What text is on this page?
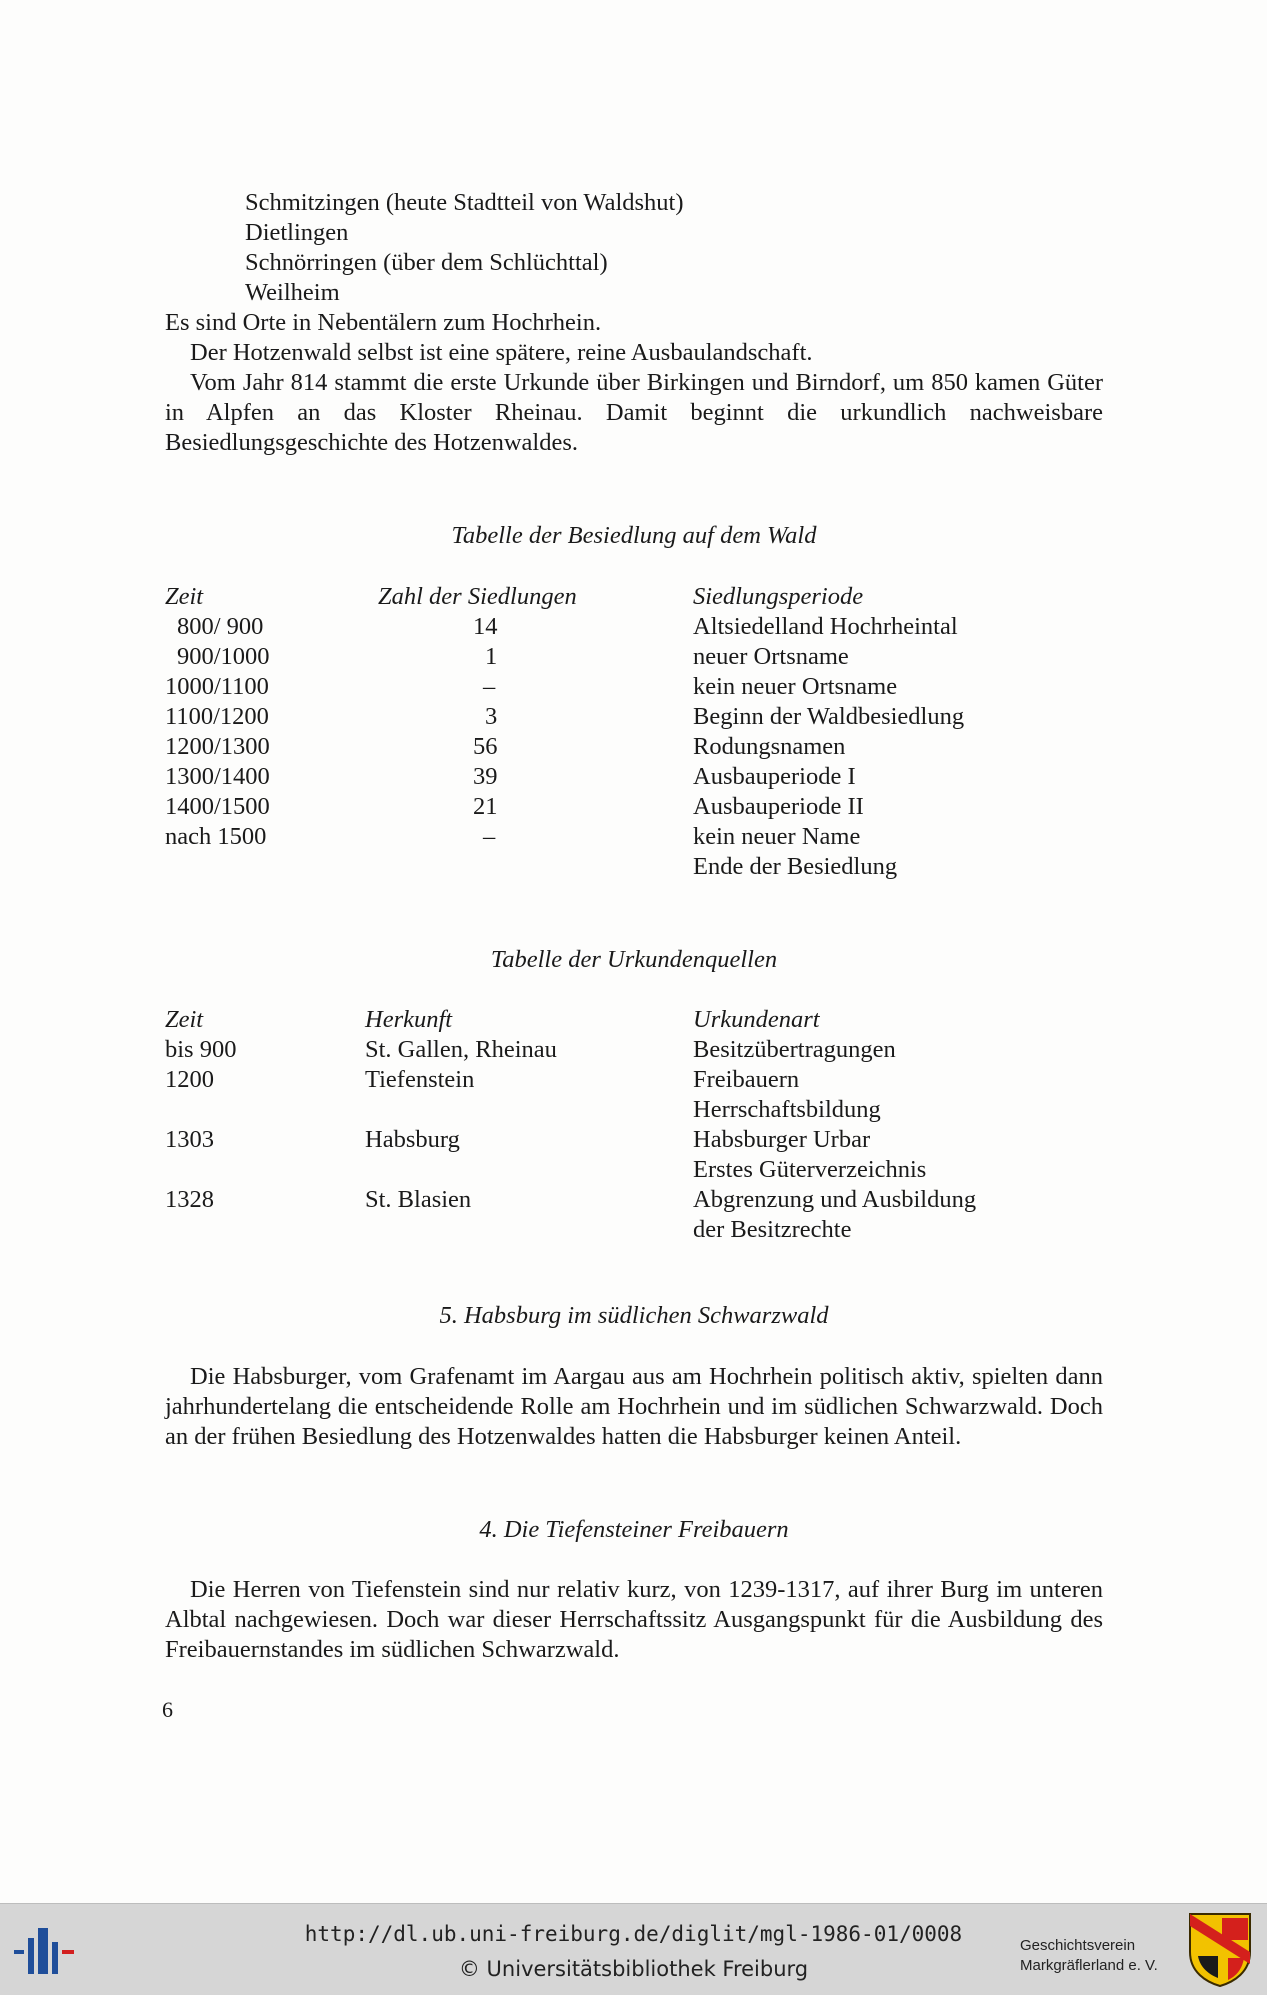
Schmitzingen (heute Stadtteil von Waldshut)
Dietlingen
Schnörringen (über dem Schlüchttal)
Weilheim

Es sind Orte in Nebentälern zum Hochrhein.

Der Hotzenwald selbst ist eine spätere, reine Ausbaulandschaft.

Vom Jahr 814 stammt die erste Urkunde über Birkingen und Birndorf, um 850 kamen Güter in Alpfen an das Kloster Rheinau. Damit beginnt die urkundlich nachweisbare Besiedlungsgeschichte des Hotzenwaldes.

Tabelle der Besiedlung auf dem Wald
Zeit	Zahl der Siedlungen	Siedlungsperiode
800/ 900	14	Altsiedelland Hochrheintal
900/1000	1	neuer Ortsname
1000/1100	–	kein neuer Ortsname
1100/1200	3	Beginn der Waldbesiedlung
1200/1300	56	Rodungsnamen
1300/1400	39	Ausbauperiode I
1400/1500	21	Ausbauperiode II
nach 1500	–	kein neuer Name
Ende der Besiedlung
Tabelle der Urkundenquellen
Zeit	Herkunft	Urkundenart
bis 900	St. Gallen, Rheinau	Besitzübertragungen
1200	Tiefenstein	Freibauern
Herrschaftsbildung
1303	Habsburg	Habsburger Urbar
Erstes Güterverzeichnis
1328	St. Blasien	Abgrenzung und Ausbildung
der Besitzrechte
5. Habsburg im südlichen Schwarzwald

Die Habsburger, vom Grafenamt im Aargau aus am Hochrhein politisch aktiv, spielten dann jahrhundertelang die entscheidende Rolle am Hochrhein und im südlichen Schwarzwald. Doch an der frühen Besiedlung des Hotzenwaldes hatten die Habsburger keinen Anteil.

4. Die Tiefensteiner Freibauern

Die Herren von Tiefenstein sind nur relativ kurz, von 1239-1317, auf ihrer Burg im unteren Albtal nachgewiesen. Doch war dieser Herrschaftssitz Ausgangspunkt für die Ausbildung des Freibauernstandes im südlichen Schwarzwald.

6
http://dl.ub.uni-freiburg.de/diglit/mgl-1986-01/0008
© Universitätsbibliothek Freiburg
Geschichtsverein
Markgräflerland e. V.
